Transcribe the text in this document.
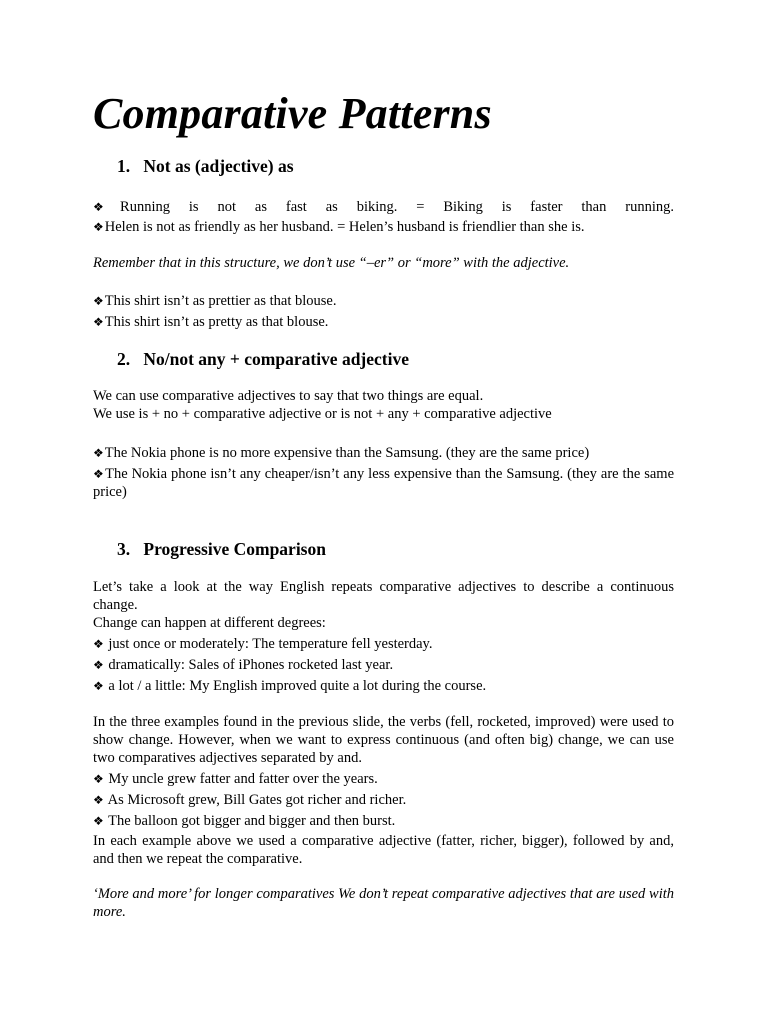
Comparative Patterns
1. Not as (adjective) as

❖Running is not as fast as biking. = Biking is faster than running.

❖Helen is not as friendly as her husband. = Helen’s husband is friendlier than she is.

Remember that in this structure, we don’t use “–er” or “more” with the adjective.

❖This shirt isn’t as prettier as that blouse.

❖This shirt isn’t as pretty as that blouse.

2. No/not any + comparative adjective

We can use comparative adjectives to say that two things are equal.

We use is + no + comparative adjective or is not + any + comparative adjective

❖The Nokia phone is no more expensive than the Samsung. (they are the same price)

❖The Nokia phone isn’t any cheaper/isn’t any less expensive than the Samsung. (they are the same price)

3. Progressive Comparison

Let’s take a look at the way English repeats comparative adjectives to describe a continuous change.

Change can happen at different degrees:

❖ just once or moderately: The temperature fell yesterday.

❖ dramatically: Sales of iPhones rocketed last year.

❖ a lot / a little: My English improved quite a lot during the course.

In the three examples found in the previous slide, the verbs (fell, rocketed, improved) were used to show change. However, when we want to express continuous (and often big) change, we can use two comparatives adjectives separated by and.

❖ My uncle grew fatter and fatter over the years.

❖ As Microsoft grew, Bill Gates got richer and richer.

❖ The balloon got bigger and bigger and then burst.

In each example above we used a comparative adjective (fatter, richer, bigger), followed by and, and then we repeat the comparative.

‘More and more’ for longer comparatives We don’t repeat comparative adjectives that are used with more.
